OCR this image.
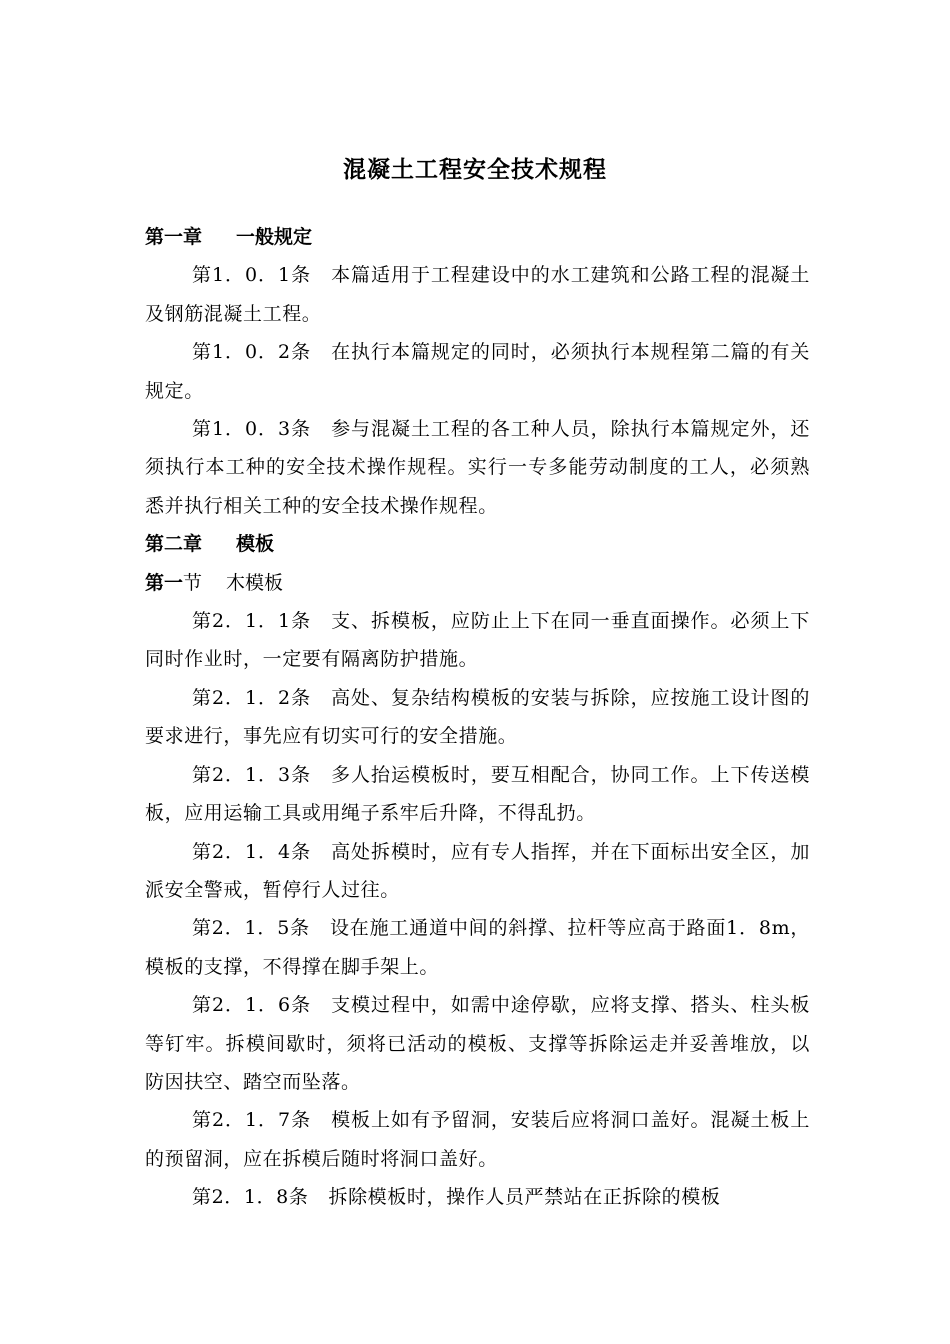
混凝土工程安全技术规程

第一章 一般规定

第1．0．1条 本篇适用于工程建设中的水工建筑和公路工程的混凝土及钢筋混凝土工程。

第1．0．2条 在执行本篇规定的同时，必须执行本规程第二篇的有关规定。

第1．0．3条 参与混凝土工程的各工种人员，除执行本篇规定外，还须执行本工种的安全技术操作规程。实行一专多能劳动制度的工人，必须熟悉并执行相关工种的安全技术操作规程。

第二章 模板

第一节 木模板

第2．1．1条 支、拆模板，应防止上下在同一垂直面操作。必须上下同时作业时，一定要有隔离防护措施。

第2．1．2条 高处、复杂结构模板的安装与拆除，应按施工设计图的要求进行，事先应有切实可行的安全措施。

第2．1．3条 多人抬运模板时，要互相配合，协同工作。上下传送模板，应用运输工具或用绳子系牢后升降，不得乱扔。

第2．1．4条 高处拆模时，应有专人指挥，并在下面标出安全区，加派安全警戒，暂停行人过往。

第2．1．5条 设在施工通道中间的斜撑、拉杆等应高于路面1．8m，模板的支撑，不得撑在脚手架上。

第2．1．6条 支模过程中，如需中途停歇，应将支撑、搭头、柱头板等钉牢。拆模间歇时，须将已活动的模板、支撑等拆除运走并妥善堆放，以防因扶空、踏空而坠落。

第2．1．7条 模板上如有予留洞，安装后应将洞口盖好。混凝土板上的预留洞，应在拆模后随时将洞口盖好。

第2．1．8条 拆除模板时，操作人员严禁站在正拆除的模板
